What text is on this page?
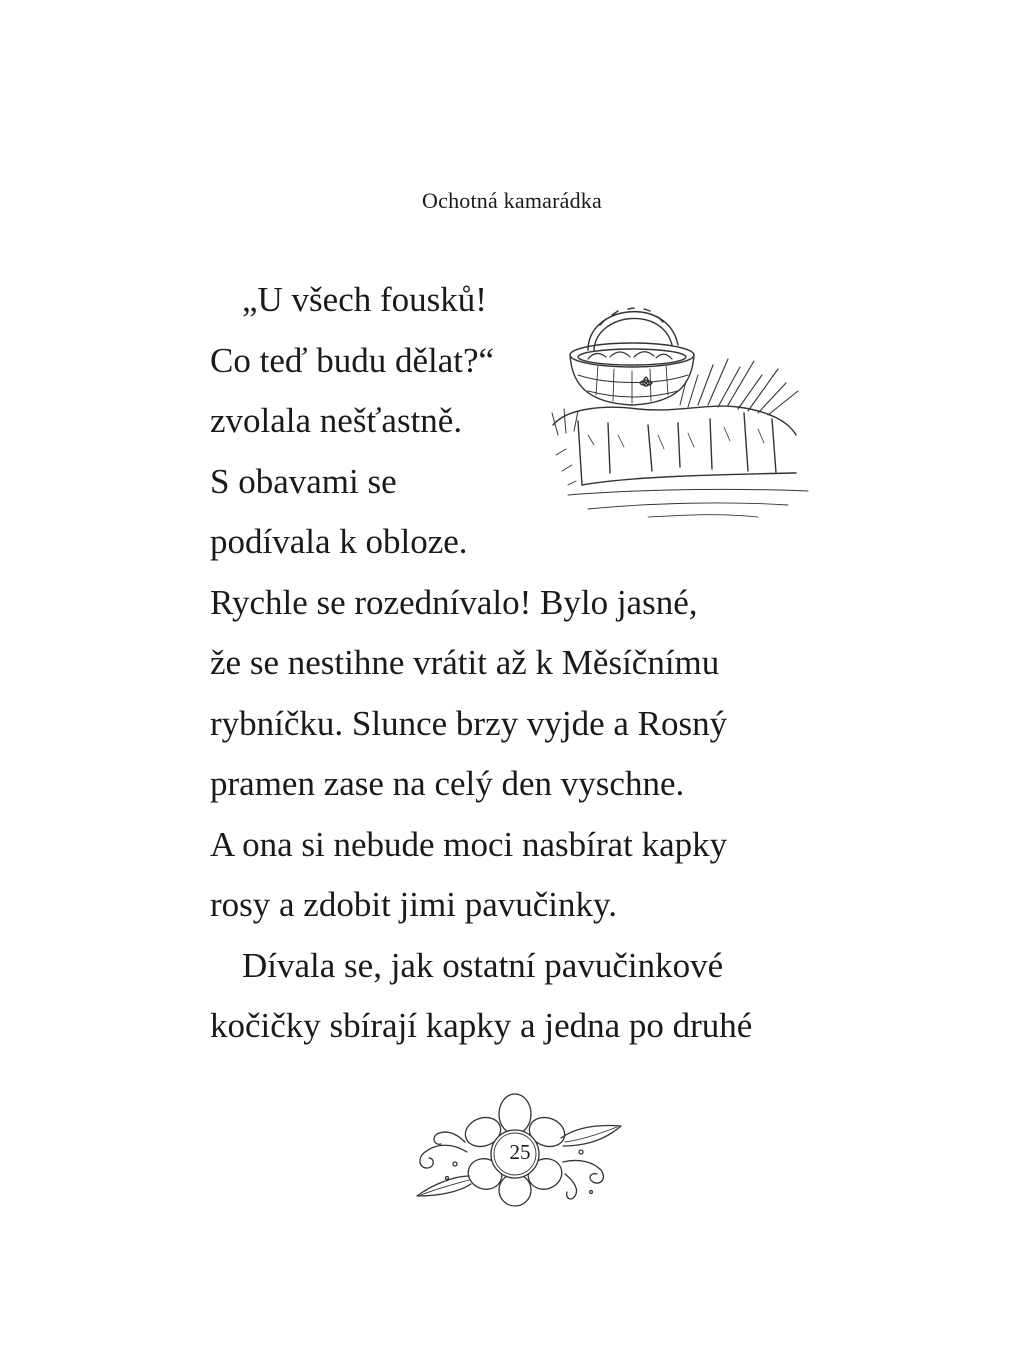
Ochotná kamarádka
„U všech fousků!
Co teď budu dělat?“
zvolala nešťastně.
S obavami se
podívala k obloze.
Rychle se rozednívalo! Bylo jasné,
že se nestihne vrátit až k Měsíčnímu
rybníčku. Slunce brzy vyjde a Rosný
pramen zase na celý den vyschne.
A ona si nebude moci nasbírat kapky
rosy a zdobit jimi pavučinky.
Dívala se, jak ostatní pavučinkové
kočičky sbírají kapky a jedna po druhé
25
